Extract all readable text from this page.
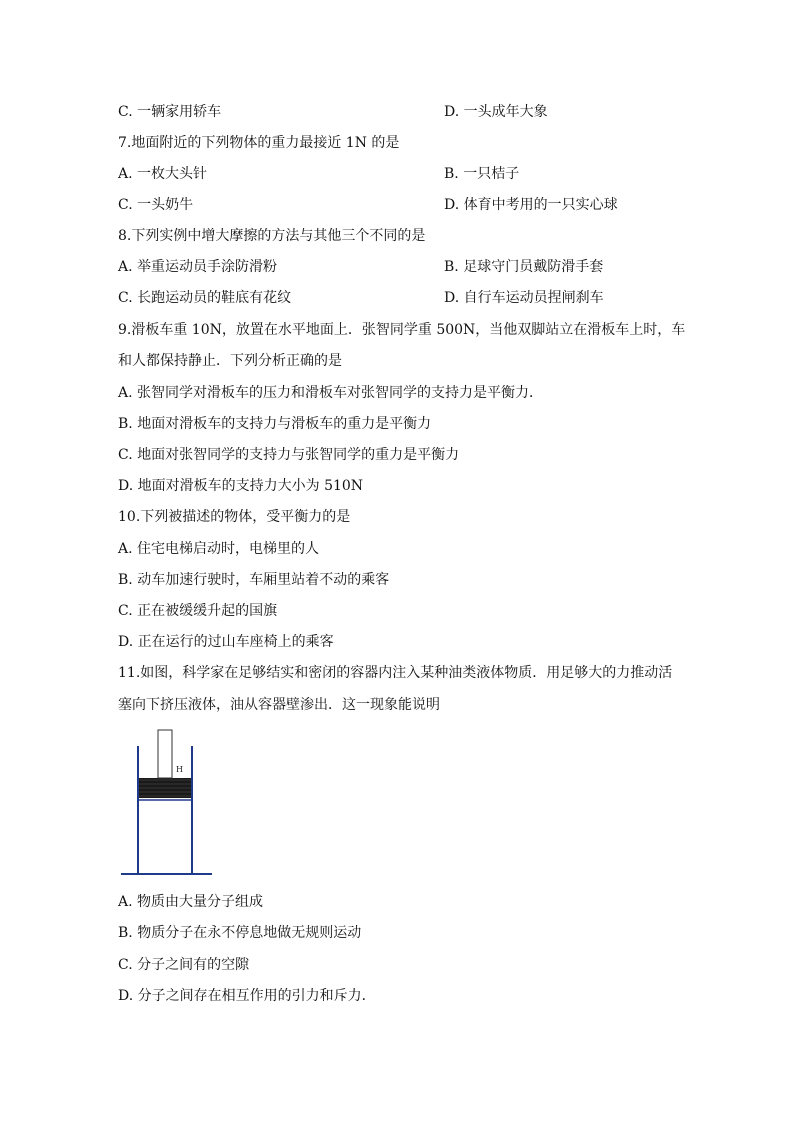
C. 一辆家用轿车	D. 一头成年大象
7.地面附近的下列物体的重力最接近 1N 的是
A. 一枚大头针	B. 一只桔子
C. 一头奶牛	D. 体育中考用的一只实心球
8.下列实例中增大摩擦的方法与其他三个不同的是
A. 举重运动员手涂防滑粉	B. 足球守门员戴防滑手套
C. 长跑运动员的鞋底有花纹	D. 自行车运动员捏闸刹车
9.滑板车重 10N，放置在水平地面上．张智同学重 500N，当他双脚站立在滑板车上时，车
和人都保持静止．下列分析正确的是
A. 张智同学对滑板车的压力和滑板车对张智同学的支持力是平衡力．
B. 地面对滑板车的支持力与滑板车的重力是平衡力
C. 地面对张智同学的支持力与张智同学的重力是平衡力
D. 地面对滑板车的支持力大小为 510N
10.下列被描述的物体，受平衡力的是
A. 住宅电梯启动时，电梯里的人
B. 动车加速行驶时，车厢里站着不动的乘客
C. 正在被缓缓升起的国旗
D. 正在运行的过山车座椅上的乘客
11.如图，科学家在足够结实和密闭的容器内注入某种油类液体物质．用足够大的力推动活
塞向下挤压液体，油从容器壁渗出．这一现象能说明
H
A. 物质由大量分子组成
B. 物质分子在永不停息地做无规则运动
C. 分子之间有的空隙
D. 分子之间存在相互作用的引力和斥力．
